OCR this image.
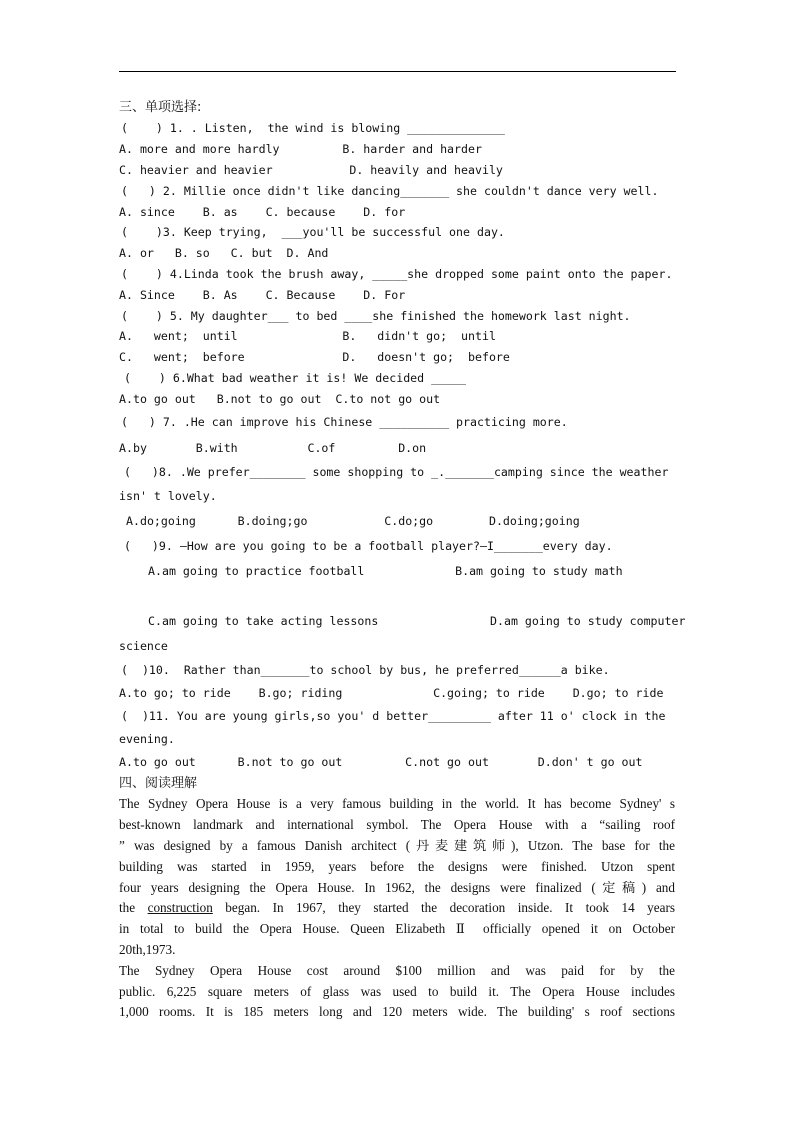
三、单项选择:
(    ) 1. . Listen,  the wind is blowing ______________
A. more and more hardly         B. harder and harder
C. heavier and heavier           D. heavily and heavily
(   ) 2. Millie once didn't like dancing_______ she couldn't dance very well.
A. since    B. as    C. because    D. for
(    )3. Keep trying,  ___you'll be successful one day.
A. or   B. so   C. but  D. And
(    ) 4.Linda took the brush away, _____she dropped some paint onto the paper.
A. Since    B. As    C. Because    D. For
(    ) 5. My daughter___ to bed ____she finished the homework last night.
A.   went;  until               B.   didn't go;  until
C.   went;  before              D.   doesn't go;  before
(    ) 6.What bad weather it is! We decided _____
A.to go out   B.not to go out  C.to not go out
(   ) 7. .He can improve his Chinese __________ practicing more.
A.by       B.with          C.of         D.on
(   )8. .We prefer________ some shopping to _._______camping since the weather
isn' t lovely.
A.do;going      B.doing;go           C.do;go        D.doing;going
(   )9. —How are you going to be a football player?—I_______every day.
A.am going to practice football             B.am going to study math
C.am going to take acting lessons                D.am going to study computer
science
(  )10.  Rather than_______to school by bus, he preferred______a bike.
A.to go; to ride    B.go; riding             C.going; to ride    D.go; to ride
(  )11. You are young girls,so you' d better_________ after 11 o' clock in the
evening.
A.to go out      B.not to go out         C.not go out       D.don' t go out
四、阅读理解
The Sydney Opera House is a very famous building in the world. It has become Sydney' s
best-known landmark and international symbol. The Opera House with a “sailing roof
” was designed by a famous Danish architect (丹麦建筑师), Utzon. The base for the
building was started in 1959, years before the designs were finished. Utzon spent
four years designing the Opera House. In 1962, the designs were finalized (定稿) and
the construction began. In 1967, they started the decoration inside. It took 14 years
in total to build the Opera House. Queen Elizabeth Ⅱ officially opened it on October
20th,1973.
The Sydney Opera House cost around $100 million and was paid for by the
public. 6,225 square meters of glass was used to build it. The Opera House includes
1,000 rooms. It is 185 meters long and 120 meters wide. The building' s roof sections
